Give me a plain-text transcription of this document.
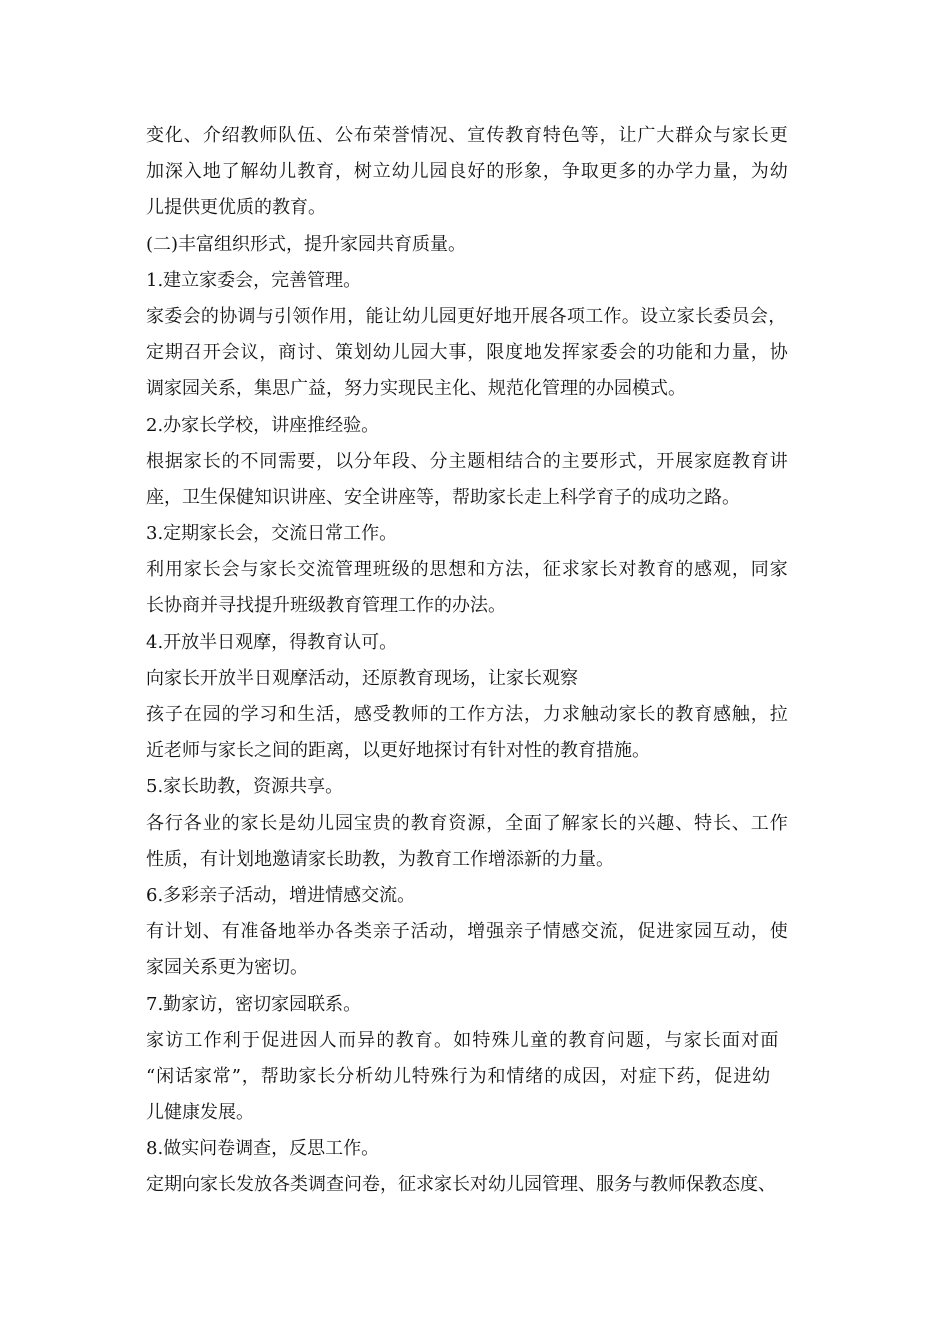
变化、介绍教师队伍、公布荣誉情况、宣传教育特色等，让广大群众与家长更
加深入地了解幼儿教育，树立幼儿园良好的形象，争取更多的办学力量，为幼
儿提供更优质的教育。
(二)丰富组织形式，提升家园共育质量。
1.建立家委会，完善管理。
家委会的协调与引领作用，能让幼儿园更好地开展各项工作。设立家长委员会，
定期召开会议，商讨、策划幼儿园大事，限度地发挥家委会的功能和力量，协
调家园关系，集思广益，努力实现民主化、规范化管理的办园模式。
2.办家长学校，讲座推经验。
根据家长的不同需要，以分年段、分主题相结合的主要形式，开展家庭教育讲
座，卫生保健知识讲座、安全讲座等，帮助家长走上科学育子的成功之路。
3.定期家长会，交流日常工作。
利用家长会与家长交流管理班级的思想和方法，征求家长对教育的感观，同家
长协商并寻找提升班级教育管理工作的办法。
4.开放半日观摩，得教育认可。
向家长开放半日观摩活动，还原教育现场，让家长观察
孩子在园的学习和生活，感受教师的工作方法，力求触动家长的教育感触，拉
近老师与家长之间的距离，以更好地探讨有针对性的教育措施。
5.家长助教，资源共享。
各行各业的家长是幼儿园宝贵的教育资源，全面了解家长的兴趣、特长、工作
性质，有计划地邀请家长助教，为教育工作增添新的力量。
6.多彩亲子活动，增进情感交流。
有计划、有准备地举办各类亲子活动，增强亲子情感交流，促进家园互动，使
家园关系更为密切。
7.勤家访，密切家园联系。
家访工作利于促进因人而异的教育。如特殊儿童的教育问题，与家长面对面
“闲话家常”，帮助家长分析幼儿特殊行为和情绪的成因，对症下药，促进幼
儿健康发展。
8.做实问卷调查，反思工作。
定期向家长发放各类调查问卷，征求家长对幼儿园管理、服务与教师保教态度、
